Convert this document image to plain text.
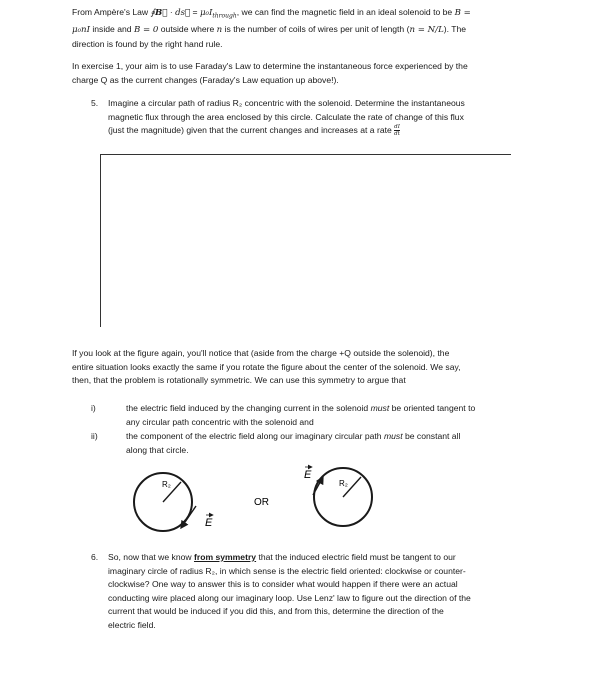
From Ampère's Law ∮B⃗ · ds⃗ = $\mu_0I_{through}$, we can find the magnetic field in an ideal solenoid to be B =
μ₀nI inside and B = 0 outside where n is the number of coils of wires per unit of length (n = N/L). The
direction is found by the right hand rule.
In exercise 1, your aim is to use Faraday's Law to determine the instantaneous force experienced by the
charge Q as the current changes (Faraday's Law equation up above!).
5. Imagine a circular path of radius R₂ concentric with the solenoid. Determine the instantaneous
magnetic flux through the area enclosed by this circle. Calculate the rate of change of this flux
(just the magnitude) given that the current changes and increases at a rate $\frac{dI}{dt}$
If you look at the figure again, you'll notice that (aside from the charge +Q outside the solenoid), the
entire situation looks exactly the same if you rotate the figure about the center of the solenoid. We say,
then, that the problem is rotationally symmetric. We can use this symmetry to argue that
i)	the electric field induced by the changing current in the solenoid must be oriented tangent to
any circular path concentric with the solenoid and
ii)	the component of the electric field along our imaginary circular path must be constant all
along that circle.
R₂
E
OR
R₂
E
6. So, now that we know from symmetry that the induced electric field must be tangent to our
imaginary circle of radius R₂, in which sense is the electric field oriented: clockwise or counter-
clockwise? One way to answer this is to consider what would happen if there were an actual
conducting wire placed along our imaginary loop. Use Lenz' law to figure out the direction of the
current that would be induced if you did this, and from this, determine the direction of the
electric field.
